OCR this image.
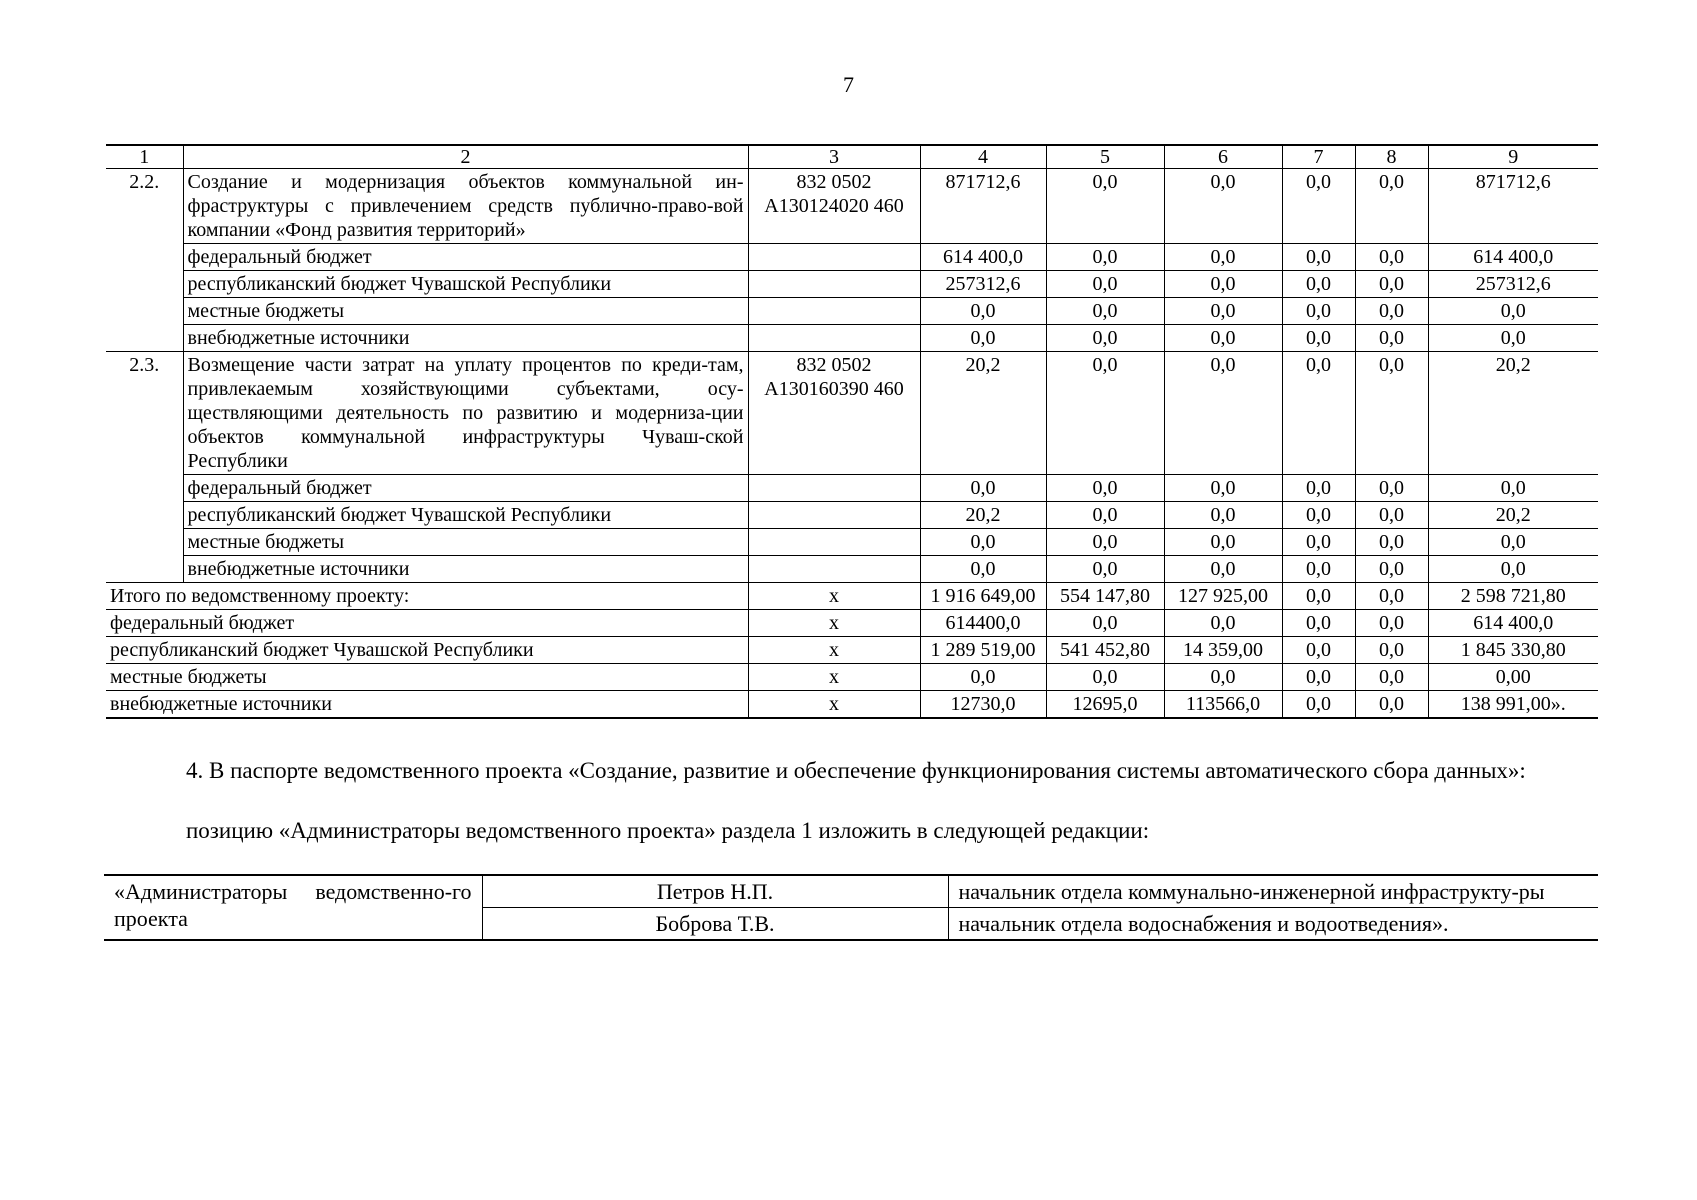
7
1	2	3	4	5	6	7	8	9
2.2.	Создание и модернизация объектов коммунальной ин-фраструктуры с привлечением средств публично-право-вой компании «Фонд развития территорий»	832 0502 А130124020 460	871712,6	0,0	0,0	0,0	0,0	871712,6
	федеральный бюджет		614 400,0	0,0	0,0	0,0	0,0	614 400,0
	республиканский бюджет Чувашской Республики		257312,6	0,0	0,0	0,0	0,0	257312,6
	местные бюджеты		0,0	0,0	0,0	0,0	0,0	0,0
	внебюджетные источники		0,0	0,0	0,0	0,0	0,0	0,0
2.3.	Возмещение части затрат на уплату процентов по креди-там, привлекаемым хозяйствующими субъектами, осу-ществляющими деятельность по развитию и модерниза-ции объектов коммунальной инфраструктуры Чуваш-ской Республики	832 0502 А130160390 460	20,2	0,0	0,0	0,0	0,0	20,2
	федеральный бюджет		0,0	0,0	0,0	0,0	0,0	0,0
	республиканский бюджет Чувашской Республики		20,2	0,0	0,0	0,0	0,0	20,2
	местные бюджеты		0,0	0,0	0,0	0,0	0,0	0,0
	внебюджетные источники		0,0	0,0	0,0	0,0	0,0	0,0
Итого по ведомственному проекту:		х	1 916 649,00	554 147,80	127 925,00	0,0	0,0	2 598 721,80
федеральный бюджет		х	614400,0	0,0	0,0	0,0	0,0	614 400,0
республиканский бюджет Чувашской Республики		х	1 289 519,00	541 452,80	14 359,00	0,0	0,0	1 845 330,80
местные бюджеты		х	0,0	0,0	0,0	0,0	0,0	0,00
внебюджетные источники		х	12730,0	12695,0	113566,0	0,0	0,0	138 991,00».
4. В паспорте ведомственного проекта «Создание, развитие и обеспечение функционирования системы автоматического сбора данных»:
позицию «Администраторы ведомственного проекта» раздела 1 изложить в следующей редакции:
«Администраторы ведомственно-го проекта	Петров Н.П.	начальник отдела коммунально-инженерной инфраструкту-ры
	Боброва Т.В.	начальник отдела водоснабжения и водоотведения».
